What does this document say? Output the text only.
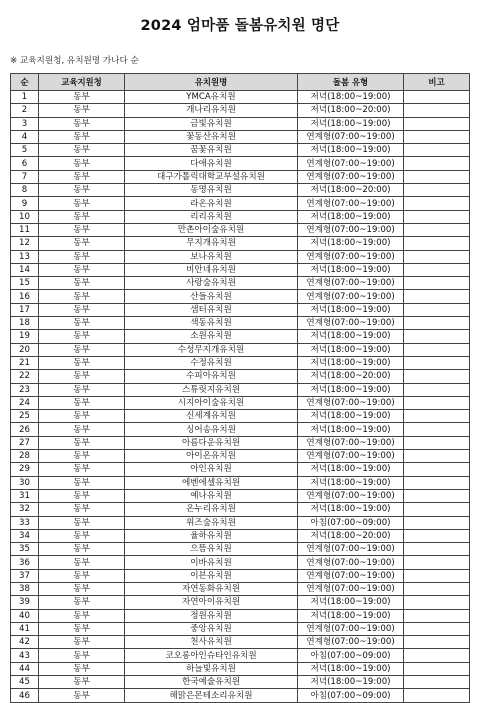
2024 엄마품 돌봄유치원 명단
※ 교육지원청, 유치원명 가나다 순
순	교육지원청	유치원명	돌봄 유형	비고
1	동부	YMCA유치원	저녁(18:00~19:00)	
2	동부	개나리유치원	저녁(18:00~20:00)	
3	동부	금빛유치원	저녁(18:00~19:00)	
4	동부	꽃동산유치원	연계형(07:00~19:00)	
5	동부	꿈꽃유치원	저녁(18:00~19:00)	
6	동부	다애유치원	연계형(07:00~19:00)	
7	동부	대구가톨릭대학교부설유치원	연계형(07:00~19:00)	
8	동부	동명유치원	저녁(18:00~20:00)	
9	동부	라온유치원	연계형(07:00~19:00)	
10	동부	리리유치원	저녁(18:00~19:00)	
11	동부	만촌아이숲유치원	연계형(07:00~19:00)	
12	동부	무지개유치원	저녁(18:00~19:00)	
13	동부	보나유치원	연계형(07:00~19:00)	
14	동부	비안네유치원	저녁(18:00~19:00)	
15	동부	사랑숲유치원	연계형(07:00~19:00)	
16	동부	산들유치원	연계형(07:00~19:00)	
17	동부	샘터유치원	저녁(18:00~19:00)	
18	동부	색동유치원	연계형(07:00~19:00)	
19	동부	소원유치원	저녁(18:00~19:00)	
20	동부	수성무지개유치원	저녁(18:00~19:00)	
21	동부	수정유치원	저녁(18:00~19:00)	
22	동부	수피아유치원	저녁(18:00~20:00)	
23	동부	스튜릿지유치원	저녁(18:00~19:00)	
24	동부	시지아이숲유치원	연계형(07:00~19:00)	
25	동부	신세계유치원	저녁(18:00~19:00)	
26	동부	싱어송유치원	저녁(18:00~19:00)	
27	동부	아름다운유치원	연계형(07:00~19:00)	
28	동부	아이온유치원	연계형(07:00~19:00)	
29	동부	아인유치원	저녁(18:00~19:00)	
30	동부	에벤에셀유치원	저녁(18:00~19:00)	
31	동부	예나유치원	연계형(07:00~19:00)	
32	동부	온누리유치원	저녁(18:00~19:00)	
33	동부	위즈숲유치원	아침(07:00~09:00)	
34	동부	율하유치원	저녁(18:00~20:00)	
35	동부	으뜸유치원	연계형(07:00~19:00)	
36	동부	이바유치원	연계형(07:00~19:00)	
37	동부	이븐유치원	연계형(07:00~19:00)	
38	동부	자연동화유치원	연계형(07:00~19:00)	
39	동부	자연아이유치원	저녁(18:00~19:00)	
40	동부	정원유치원	저녁(18:00~19:00)	
41	동부	중앙유치원	연계형(07:00~19:00)	
42	동부	천사유치원	연계형(07:00~19:00)	
43	동부	코오롱아인슈타인유치원	아침(07:00~09:00)	
44	동부	하늘빛유치원	저녁(18:00~19:00)	
45	동부	한국예술유치원	저녁(18:00~19:00)	
46	동부	해맑은몬테소리유치원	아침(07:00~09:00)	
